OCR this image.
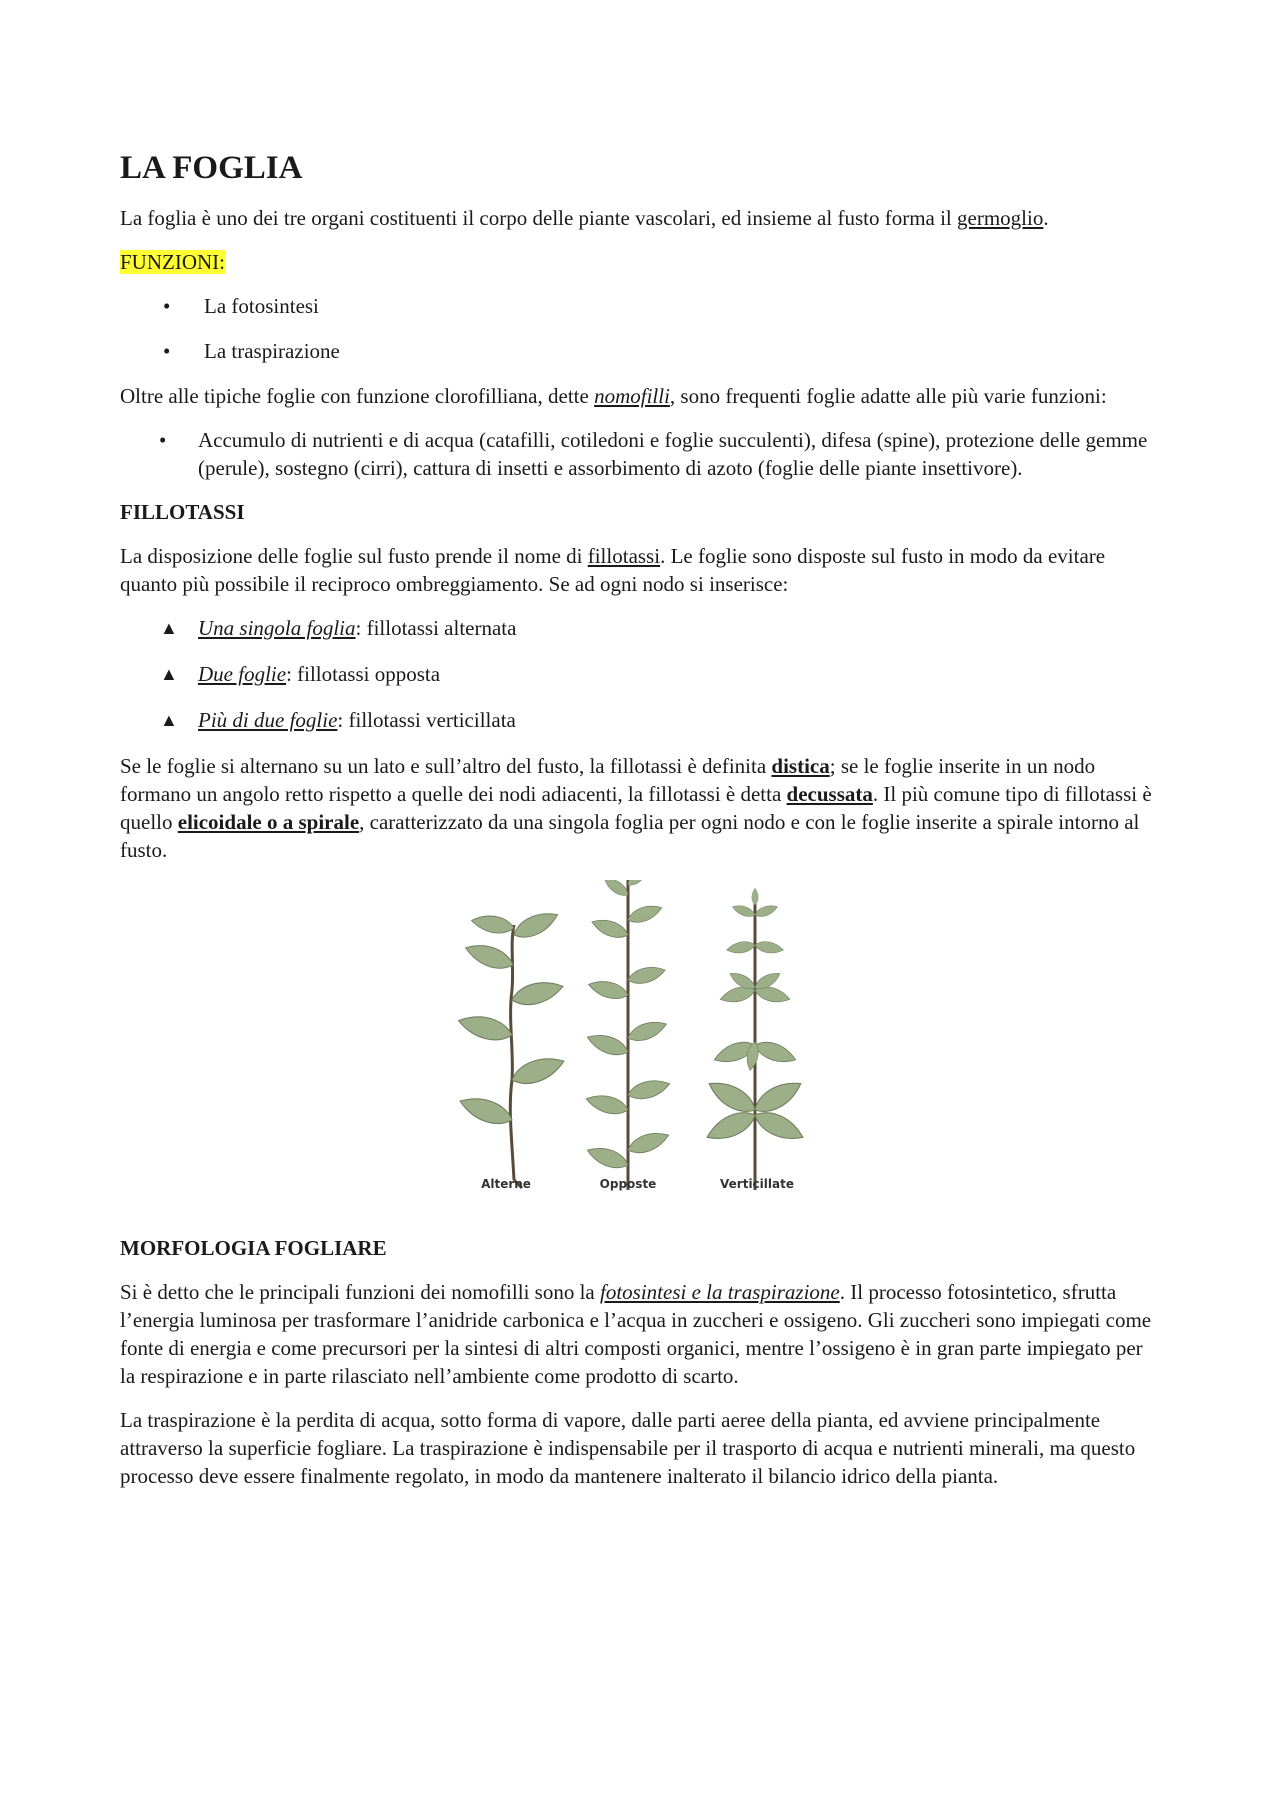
LA FOGLIA

La foglia è uno dei tre organi costituenti il corpo delle piante vascolari, ed insieme al fusto forma il germoglio.

FUNZIONI:

• La fotosintesi
• La traspirazione

Oltre alle tipiche foglie con funzione clorofilliana, dette nomofilli, sono frequenti foglie adatte alle più varie funzioni:

• Accumulo di nutrienti e di acqua (catafilli, cotiledoni e foglie succulenti), difesa (spine), protezione delle gemme (perule), sostegno (cirri), cattura di insetti e assorbimento di azoto (foglie delle piante insettivore).
FILLOTASSI

La disposizione delle foglie sul fusto prende il nome di fillotassi. Le foglie sono disposte sul fusto in modo da evitare quanto più possibile il reciproco ombreggiamento. Se ad ogni nodo si inserisce:

▲ Una singola foglia: fillotassi alternata
▲ Due foglie: fillotassi opposta
▲ Più di due foglie: fillotassi verticillata

Se le foglie si alternano su un lato e sull’altro del fusto, la fillotassi è definita distica; se le foglie inserite in un nodo formano un angolo retto rispetto a quelle dei nodi adiacenti, la fillotassi è detta decussata. Il più comune tipo di fillotassi è quello elicoidale o a spirale, caratterizzato da una singola foglia per ogni nodo e con le foglie inserite a spirale intorno al fusto.

Alterne	Opposte	Verticillate
MORFOLOGIA FOGLIARE

Si è detto che le principali funzioni dei nomofilli sono la fotosintesi e la traspirazione. Il processo fotosintetico, sfrutta l’energia luminosa per trasformare l’anidride carbonica e l’acqua in zuccheri e ossigeno. Gli zuccheri sono impiegati come fonte di energia e come precursori per la sintesi di altri composti organici, mentre l’ossigeno è in gran parte impiegato per la respirazione e in parte rilasciato nell’ambiente come prodotto di scarto.

La traspirazione è la perdita di acqua, sotto forma di vapore, dalle parti aeree della pianta, ed avviene principalmente attraverso la superficie fogliare. La traspirazione è indispensabile per il trasporto di acqua e nutrienti minerali, ma questo processo deve essere finalmente regolato, in modo da mantenere inalterato il bilancio idrico della pianta.
